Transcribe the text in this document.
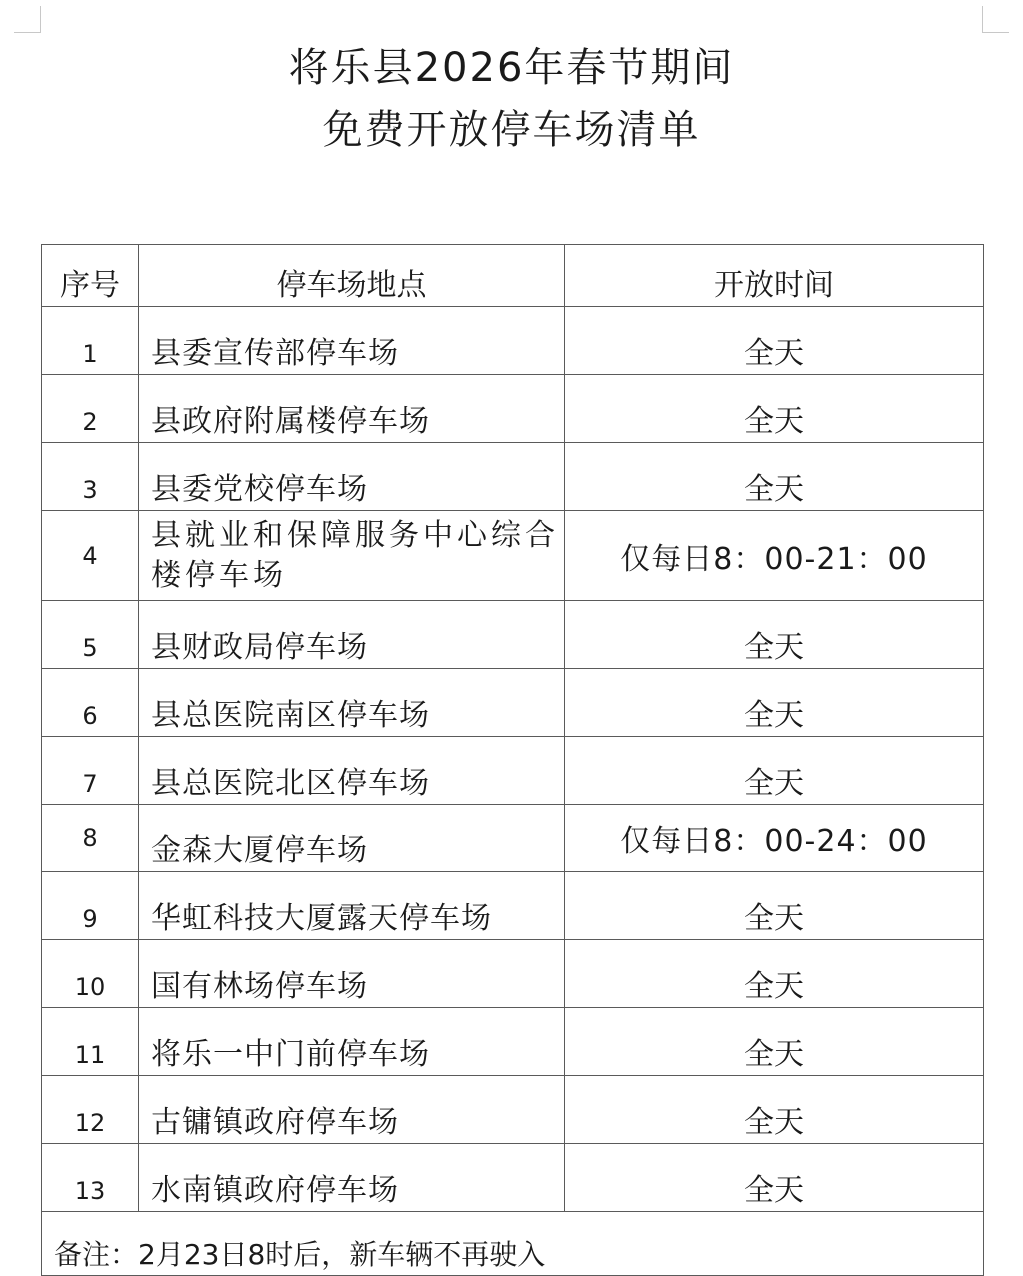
将乐县2026年春节期间
免费开放停车场清单
序号	停车场地点	开放时间
1	县委宣传部停车场	全天
2	县政府附属楼停车场	全天
3	县委党校停车场	全天
4	县就业和保障服务中心综合楼停车场	仅每日8：00-21：00
5	县财政局停车场	全天
6	县总医院南区停车场	全天
7	县总医院北区停车场	全天
8	金森大厦停车场	仅每日8：00-24：00
9	华虹科技大厦露天停车场	全天
10	国有林场停车场	全天
11	将乐一中门前停车场	全天
12	古镛镇政府停车场	全天
13	水南镇政府停车场	全天
备注：2月23日8时后，新车辆不再驶入		
